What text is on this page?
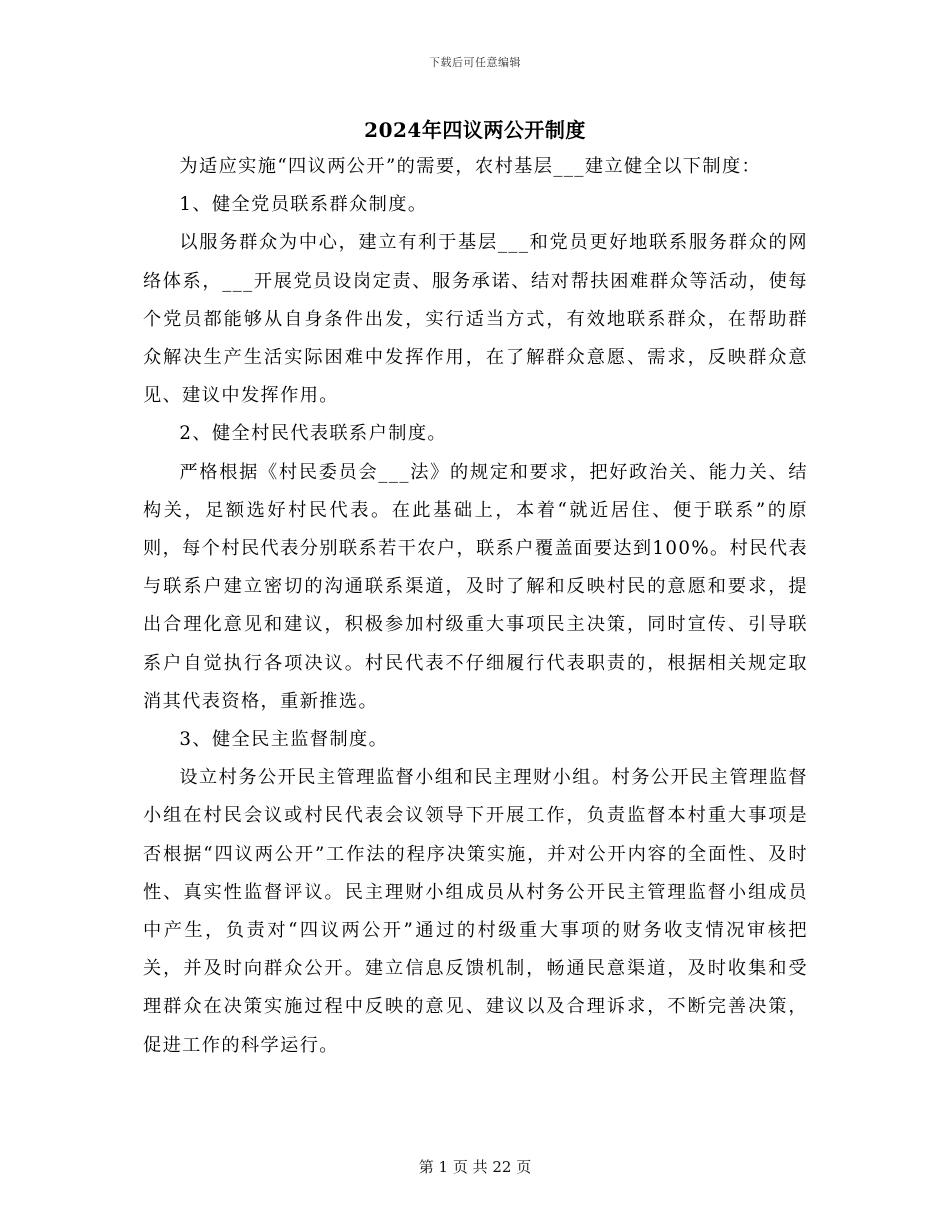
下载后可任意编辑
2024年四议两公开制度

为适应实施“四议两公开”的需要，农村基层___建立健全以下制度：

1、健全党员联系群众制度。

以服务群众为中心，建立有利于基层___和党员更好地联系服务群众的网络体系，___开展党员设岗定责、服务承诺、结对帮扶困难群众等活动，使每个党员都能够从自身条件出发，实行适当方式，有效地联系群众，在帮助群众解决生产生活实际困难中发挥作用，在了解群众意愿、需求，反映群众意见、建议中发挥作用。

2、健全村民代表联系户制度。

严格根据《村民委员会___法》的规定和要求，把好政治关、能力关、结构关，足额选好村民代表。在此基础上，本着“就近居住、便于联系”的原则，每个村民代表分别联系若干农户，联系户覆盖面要达到100%。村民代表与联系户建立密切的沟通联系渠道，及时了解和反映村民的意愿和要求，提出合理化意见和建议，积极参加村级重大事项民主决策，同时宣传、引导联系户自觉执行各项决议。村民代表不仔细履行代表职责的，根据相关规定取消其代表资格，重新推选。

3、健全民主监督制度。

设立村务公开民主管理监督小组和民主理财小组。村务公开民主管理监督小组在村民会议或村民代表会议领导下开展工作，负责监督本村重大事项是否根据“四议两公开”工作法的程序决策实施，并对公开内容的全面性、及时性、真实性监督评议。民主理财小组成员从村务公开民主管理监督小组成员中产生，负责对“四议两公开”通过的村级重大事项的财务收支情况审核把关，并及时向群众公开。建立信息反馈机制，畅通民意渠道，及时收集和受理群众在决策实施过程中反映的意见、建议以及合理诉求，不断完善决策，促进工作的科学运行。

第 1 页 共 22 页
